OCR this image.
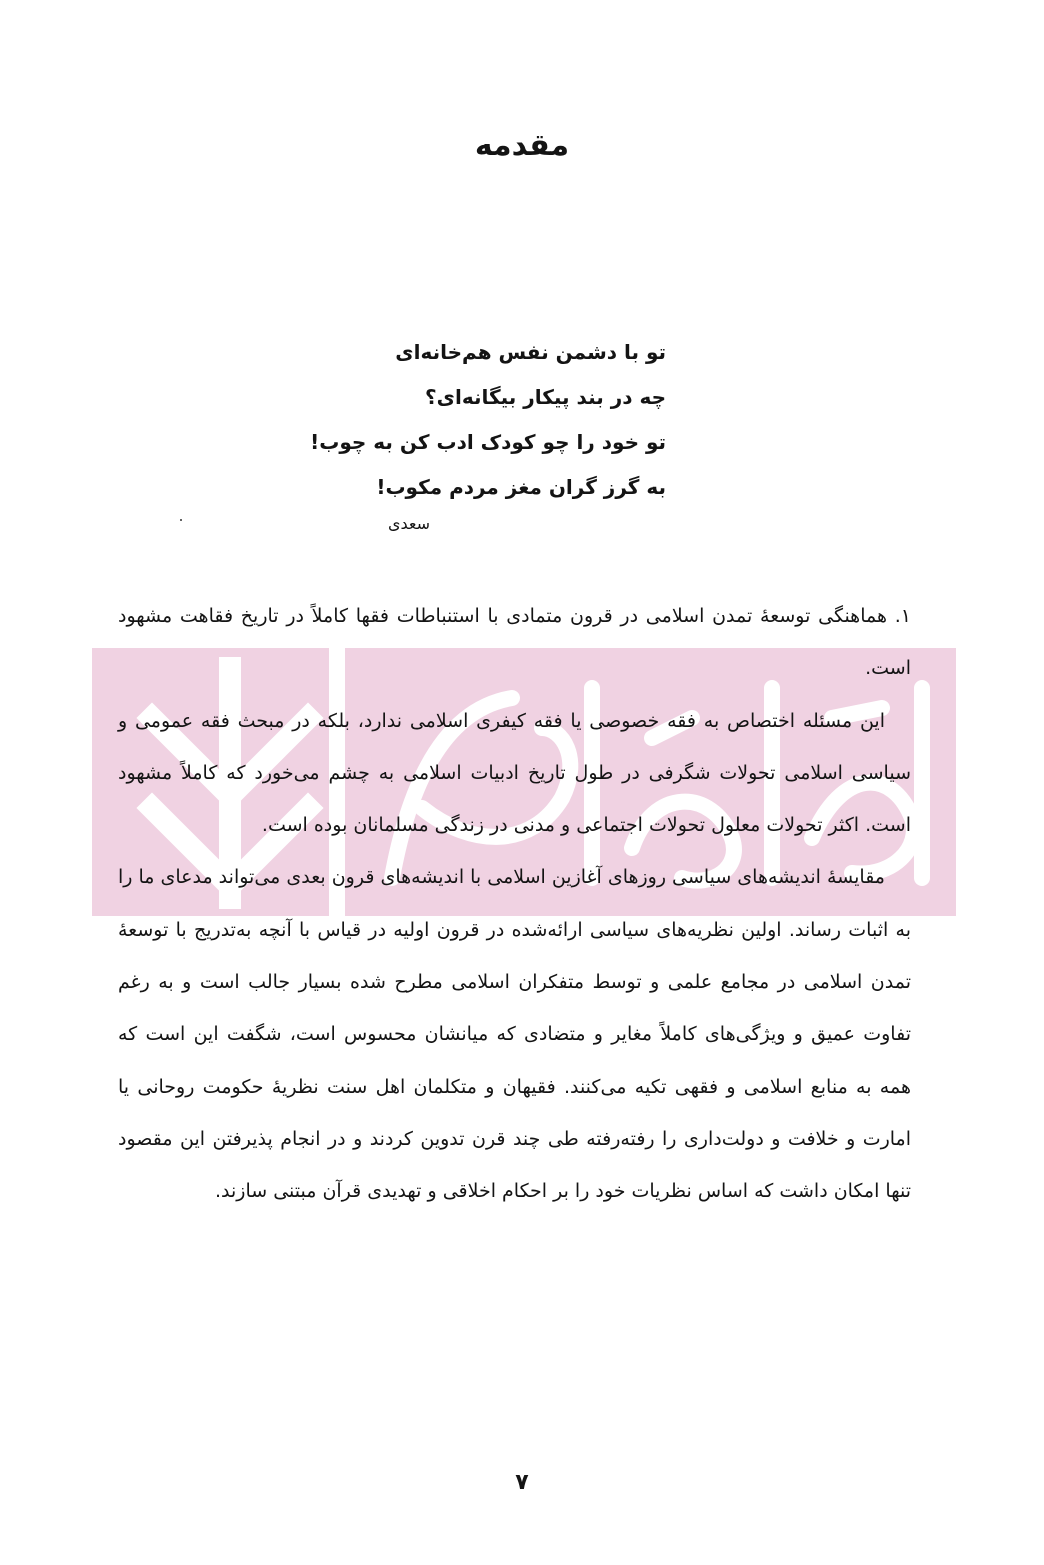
مقدمه
تو با دشمن نفس هم‌خانه‌ای
چه در بند پیکار بیگانه‌ای؟
تو خود را چو کودک ادب کن به چوب!
به گرز گران مغز مردم مکوب!
سعدی

۱. هماهنگی توسعهٔ تمدن اسلامی در قرون متمادی با استنباطات فقها کاملاً در تاریخ فقاهت مشهود است.

این مسئله اختصاص به فقه خصوصی یا فقه کیفری اسلامی ندارد، بلکه در مبحث فقه عمومی و سیاسی اسلامی تحولات شگرفی در طول تاریخ ادبیات اسلامی به چشم می‌خورد که کاملاً مشهود است. اکثر تحولات معلول تحولات اجتماعی و مدنی در زندگی مسلمانان بوده است.

مقایسهٔ اندیشه‌های سیاسی روزهای آغازین اسلامی با اندیشه‌های قرون بعدی می‌تواند مدعای ما را به اثبات رساند. اولین نظریه‌های سیاسی ارائه‌شده در قرون اولیه در قیاس با آنچه به‌تدریج با توسعهٔ تمدن اسلامی در مجامع علمی و توسط متفکران اسلامی مطرح شده بسیار جالب است و به رغم تفاوت عمیق و ویژگی‌های کاملاً مغایر و متضادی که میانشان محسوس است، شگفت این است که همه به منابع اسلامی و فقهی تکیه می‌کنند. فقیهان و متکلمان اهل سنت نظریهٔ حکومت روحانی یا امارت و خلافت و دولت‌داری را رفته‌رفته طی چند قرن تدوین کردند و در انجام پذیرفتن این مقصود تنها امکان داشت که اساس نظریات خود را بر احکام اخلاقی و تهدیدی قرآن مبتنی سازند.

۷
